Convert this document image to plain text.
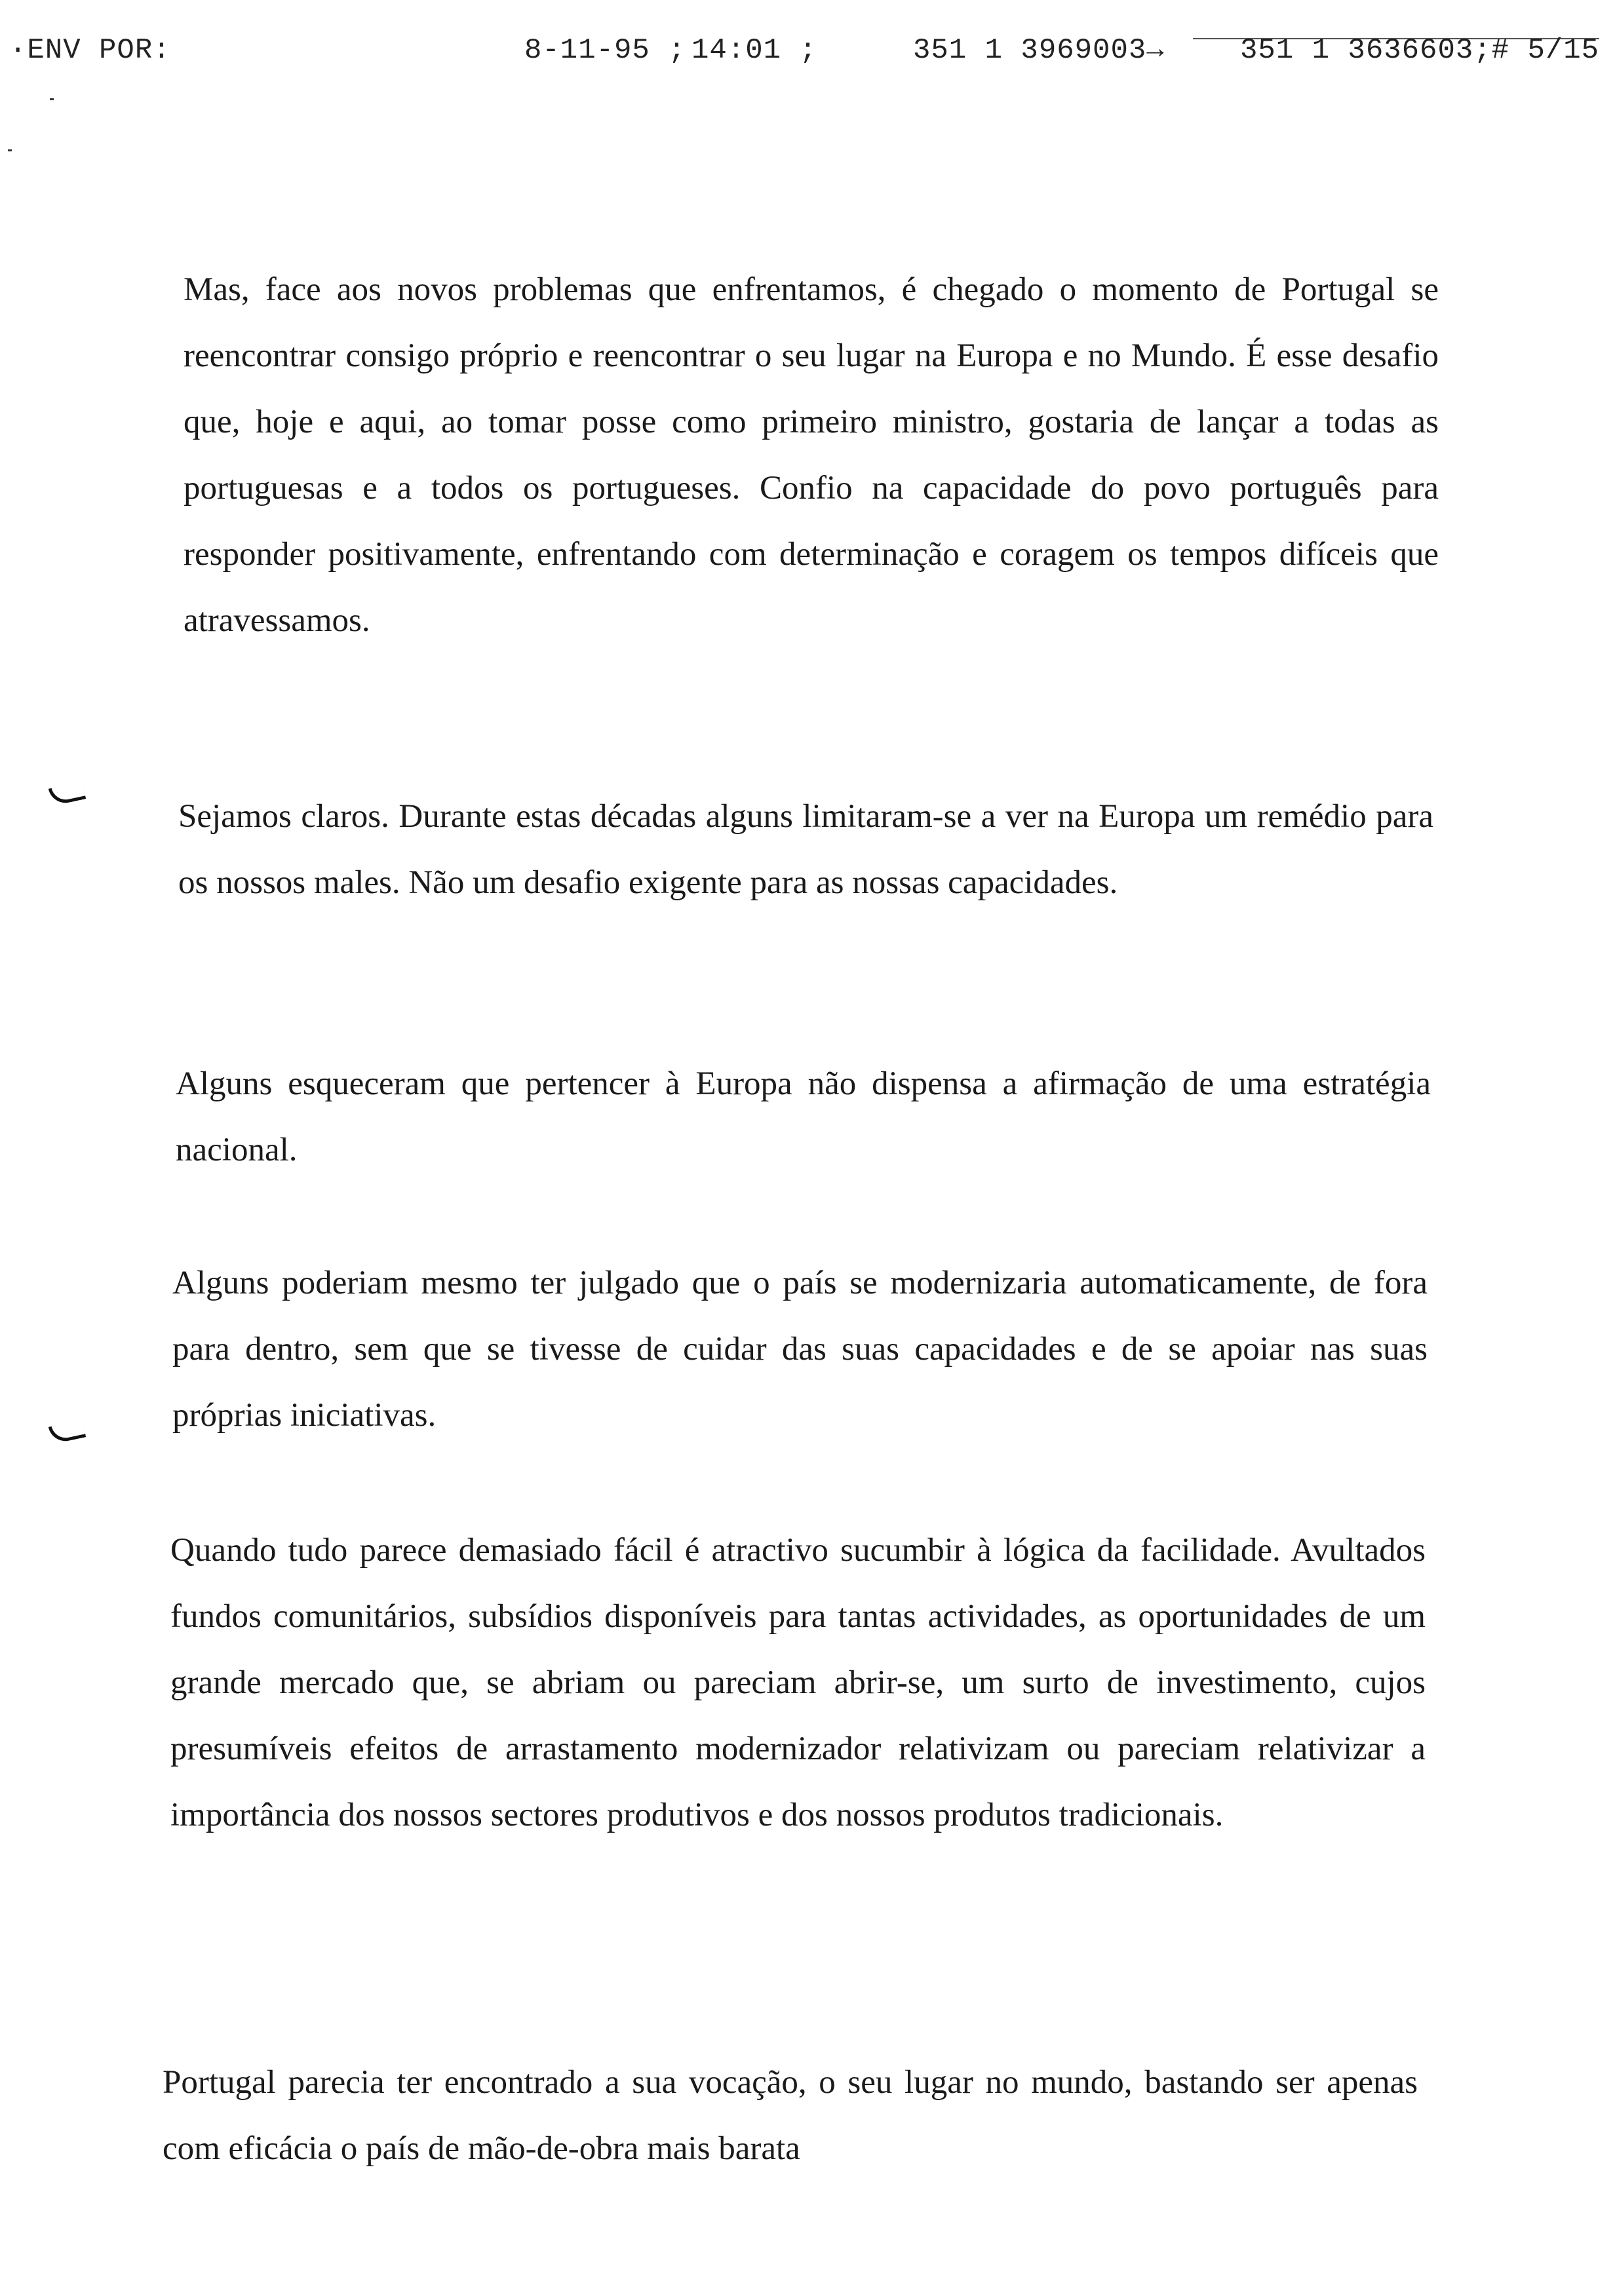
·ENV POR:	8-11-95 ; 14:01 ;	351 1 3969003→	351 1 3636603;# 5/15

Mas, face aos novos problemas que enfrentamos, é chegado o momento de Portugal se reencontrar consigo próprio e reencontrar o seu lugar na Europa e no Mundo. É esse desafio que, hoje e aqui, ao tomar posse como primeiro ministro, gostaria de lançar a todas as portuguesas e a todos os portugueses. Confio na capacidade do povo português para responder positivamente, enfrentando com determinação e coragem os tempos difíceis que atravessamos.

Sejamos claros. Durante estas décadas alguns limitaram-se a ver na Europa um remédio para os nossos males. Não um desafio exigente para as nossas capacidades.

Alguns esqueceram que pertencer à Europa não dispensa a afirmação de uma estratégia nacional.

Alguns poderiam mesmo ter julgado que o país se modernizaria automaticamente, de fora para dentro, sem que se tivesse de cuidar das suas capacidades e de se apoiar nas suas próprias iniciativas.

Quando tudo parece demasiado fácil é atractivo sucumbir à lógica da facilidade. Avultados fundos comunitários, subsídios disponíveis para tantas actividades, as oportunidades de um grande mercado que, se abriam ou pareciam abrir-se, um surto de investimento, cujos presumíveis efeitos de arrastamento modernizador relativizam ou pareciam relativizar a importância dos nossos sectores produtivos e dos nossos produtos tradicionais.

Portugal parecia ter encontrado a sua vocação, o seu lugar no mundo, bastando ser apenas com eficácia o país de mão-de-obra mais barata
